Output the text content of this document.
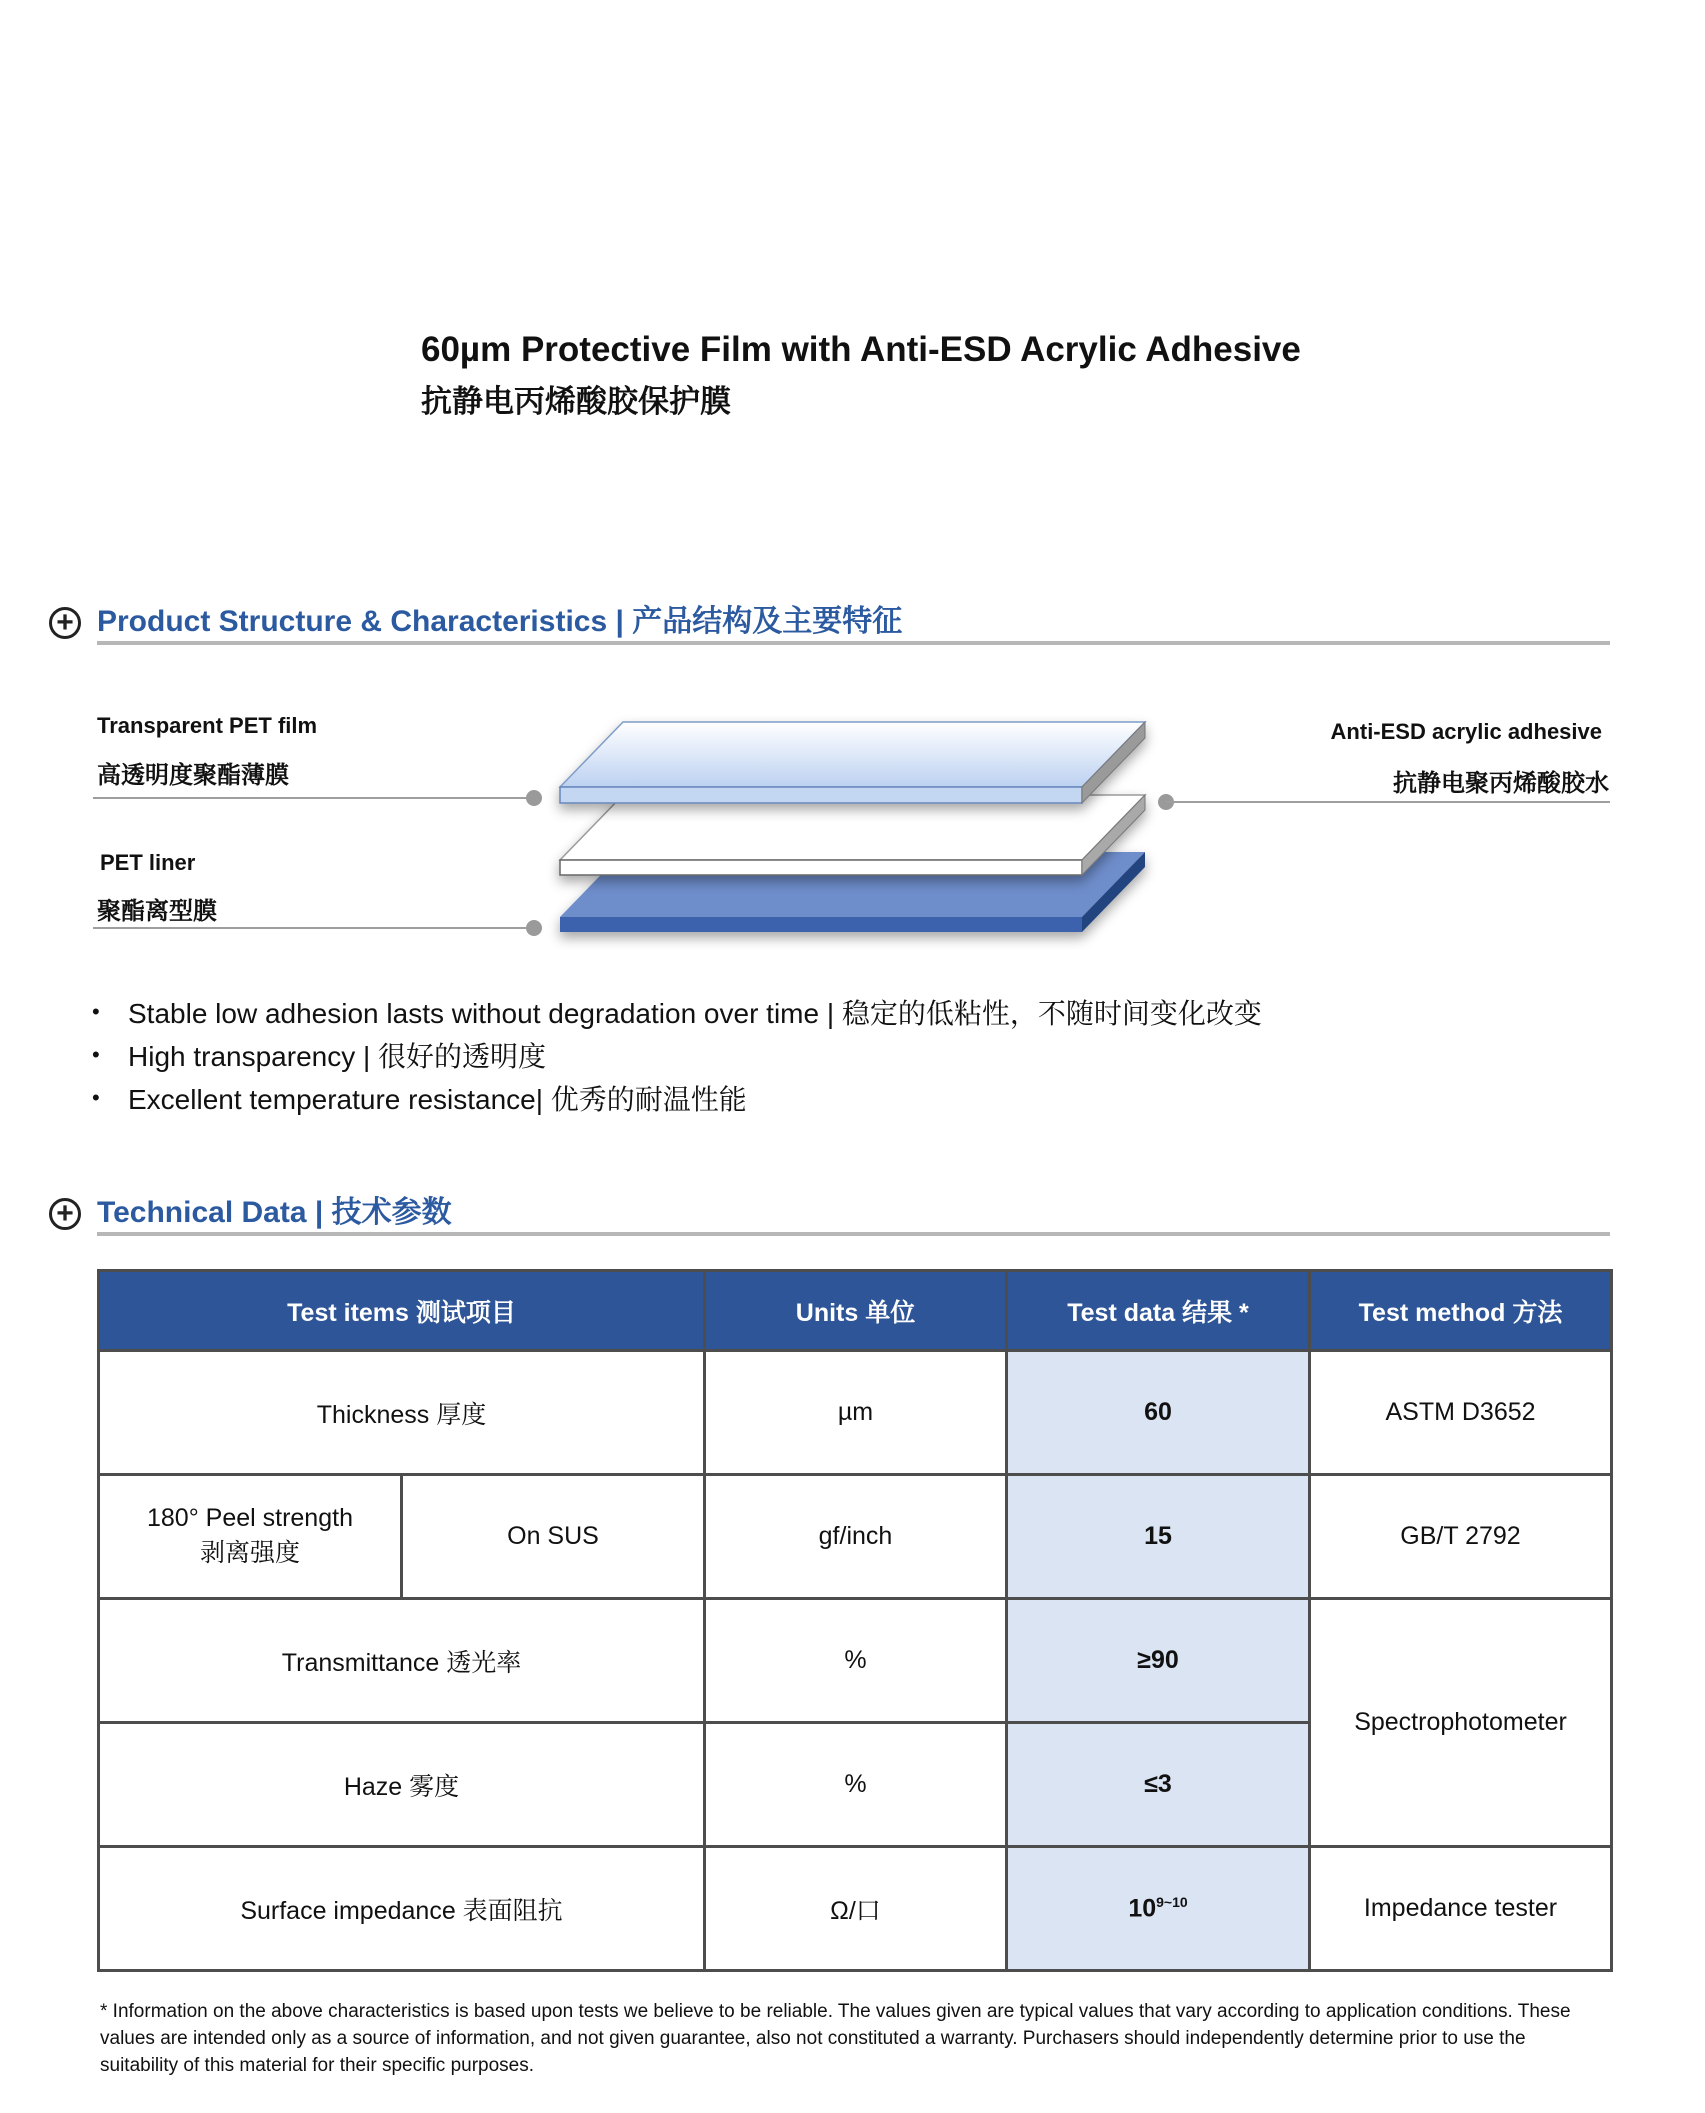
60µm Protective Film with Anti-ESD Acrylic Adhesive
抗静电丙烯酸胶保护膜
+ Product Structure & Characteristics | 产品结构及主要特征
Transparent PET film
高透明度聚酯薄膜
PET liner
聚酯离型膜
Anti-ESD acrylic adhesive
抗静电聚丙烯酸胶水
•	Stable low adhesion lasts without degradation over time | 稳定的低粘性，不随时间变化改变
•	High transparency | 很好的透明度
•	Excellent temperature resistance| 优秀的耐温性能
+ Technical Data | 技术参数
Test items 测试项目		Units 单位	Test data 结果 *	Test method 方法
Thickness 厚度		µm	60	ASTM D3652

180° Peel strength
剥离强度	On SUS	gf/inch	15	GB/T 2792
Transmittance 透光率		%	≥90	Spectrophotometer
Haze 雾度		%	≤3	
Surface impedance 表面阻抗		Ω/口	$10^{9\sim 10}$	Impedance tester
* Information on the above characteristics is based upon tests we believe to be reliable. The values given are typical values that vary according to application conditions. These values are intended only as a source of information, and not given guarantee, also not constituted a warranty. Purchasers should independently determine prior to use the suitability of this material for their specific purposes.
